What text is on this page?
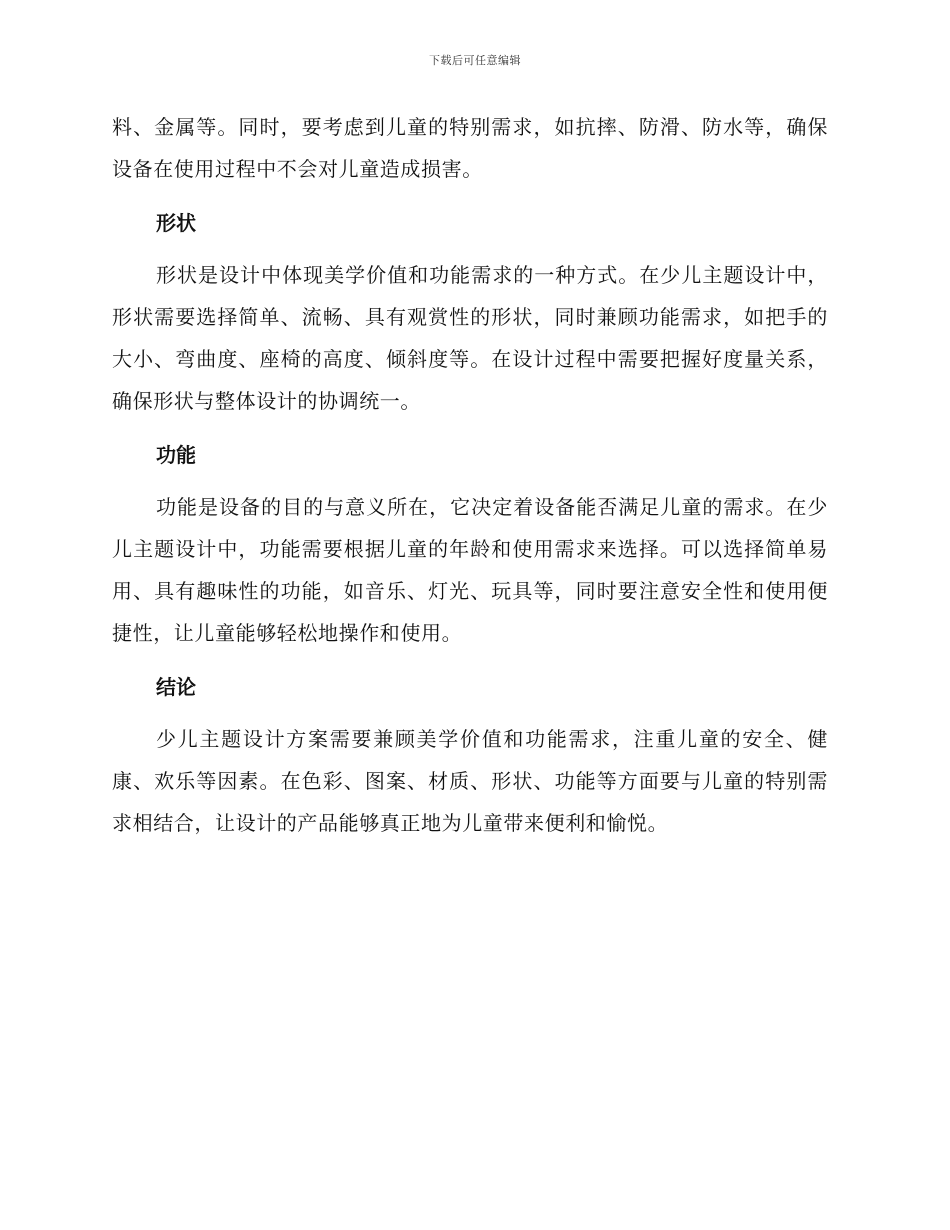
下载后可任意编辑

料、金属等。同时，要考虑到儿童的特别需求，如抗摔、防滑、防水等，确保设备在使用过程中不会对儿童造成损害。

形状

形状是设计中体现美学价值和功能需求的一种方式。在少儿主题设计中，形状需要选择简单、流畅、具有观赏性的形状，同时兼顾功能需求，如把手的大小、弯曲度、座椅的高度、倾斜度等。在设计过程中需要把握好度量关系，确保形状与整体设计的协调统一。

功能

功能是设备的目的与意义所在，它决定着设备能否满足儿童的需求。在少儿主题设计中，功能需要根据儿童的年龄和使用需求来选择。可以选择简单易用、具有趣味性的功能，如音乐、灯光、玩具等，同时要注意安全性和使用便捷性，让儿童能够轻松地操作和使用。

结论

少儿主题设计方案需要兼顾美学价值和功能需求，注重儿童的安全、健康、欢乐等因素。在色彩、图案、材质、形状、功能等方面要与儿童的特别需求相结合，让设计的产品能够真正地为儿童带来便利和愉悦。
